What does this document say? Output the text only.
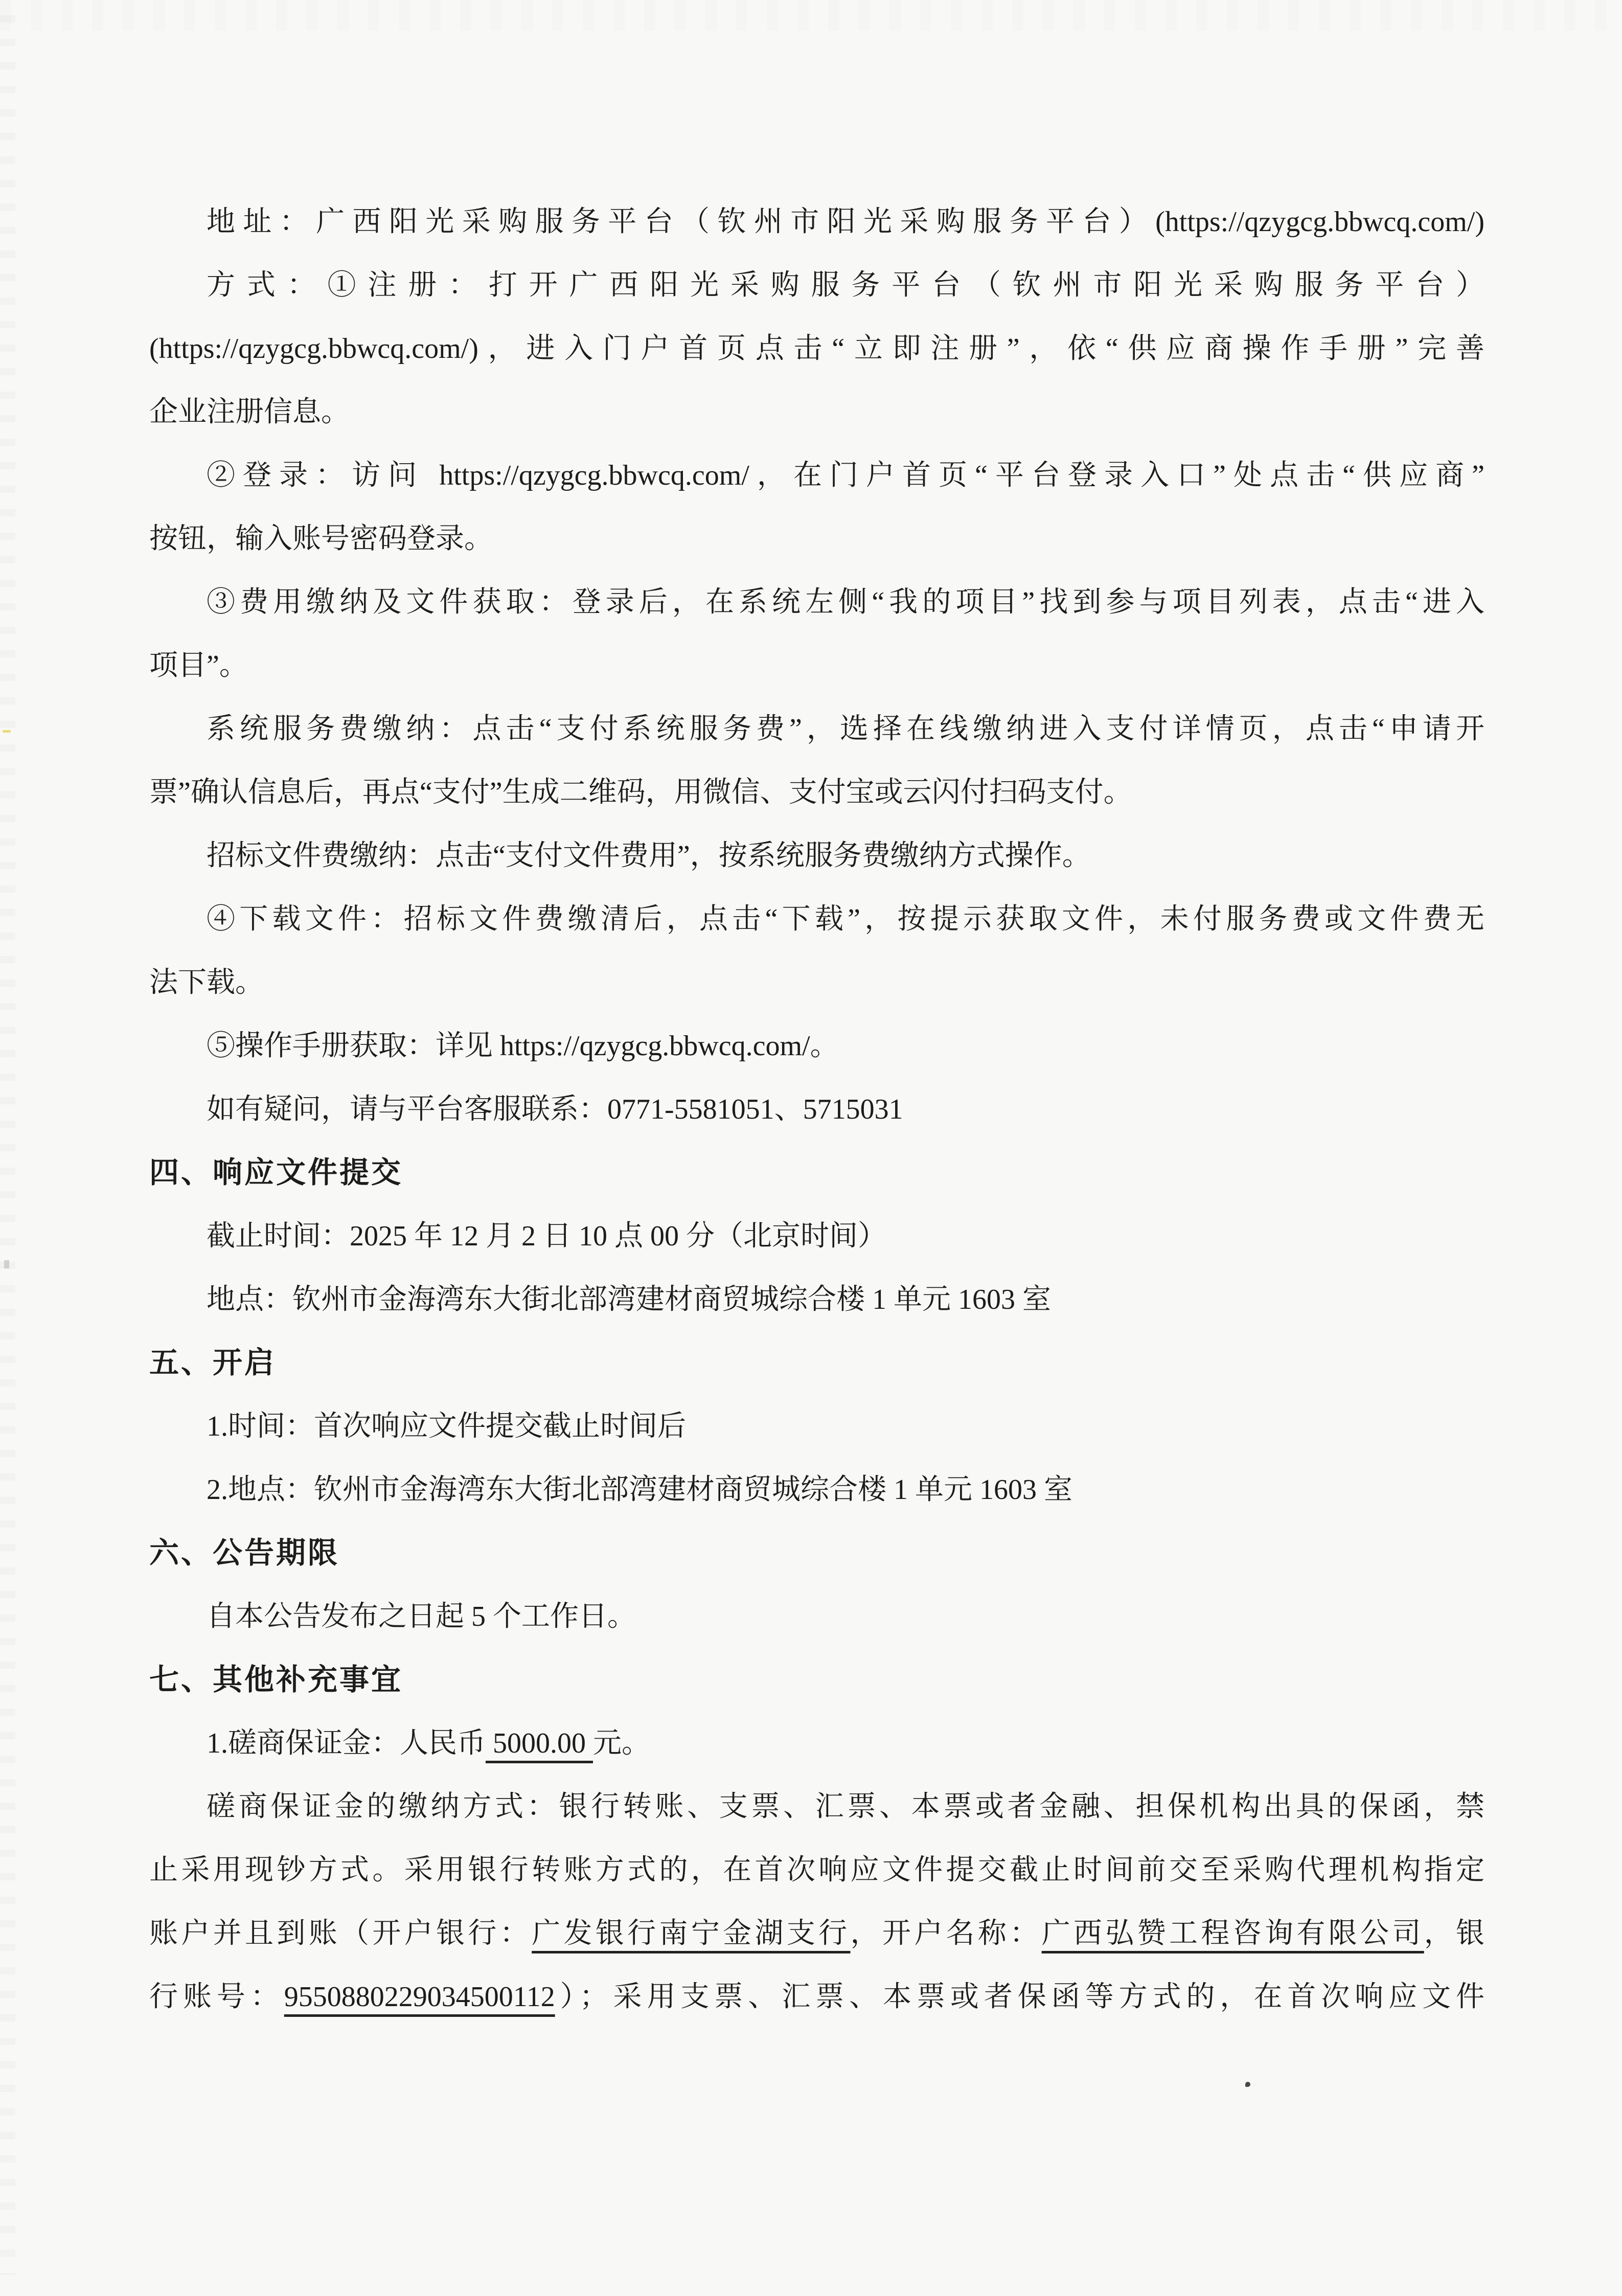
地址：广西阳光采购服务平台（钦州市阳光采购服务平台）(https://qzygcg.bbwcq.com/)
方式：①注册：打开广西阳光采购服务平台（钦州市阳光采购服务平台）
(https://qzygcg.bbwcq.com/)，进入门户首页点击“立即注册”，依“供应商操作手册”完善
企业注册信息。
②登录：访问 https://qzygcg.bbwcq.com/，在门户首页“平台登录入口”处点击“供应商”
按钮，输入账号密码登录。
③费用缴纳及文件获取：登录后，在系统左侧“我的项目”找到参与项目列表，点击“进入
项目”。
系统服务费缴纳：点击“支付系统服务费”，选择在线缴纳进入支付详情页，点击“申请开
票”确认信息后，再点“支付”生成二维码，用微信、支付宝或云闪付扫码支付。
招标文件费缴纳：点击“支付文件费用”，按系统服务费缴纳方式操作。
④下载文件：招标文件费缴清后，点击“下载”，按提示获取文件，未付服务费或文件费无
法下载。
⑤操作手册获取：详见 https://qzygcg.bbwcq.com/。
如有疑问，请与平台客服联系：0771-5581051、5715031
四、响应文件提交
截止时间：2025 年 12 月 2 日 10 点 00 分（北京时间）
地点：钦州市金海湾东大街北部湾建材商贸城综合楼 1 单元 1603 室
五、开启
1.时间：首次响应文件提交截止时间后
2.地点：钦州市金海湾东大街北部湾建材商贸城综合楼 1 单元 1603 室
六、公告期限
自本公告发布之日起 5 个工作日。
七、其他补充事宜
1.磋商保证金：人民币 5000.00 元。
磋商保证金的缴纳方式：银行转账、支票、汇票、本票或者金融、担保机构出具的保函，禁
止采用现钞方式。采用银行转账方式的，在首次响应文件提交截止时间前交至采购代理机构指定
账户并且到账（开户银行：广发银行南宁金湖支行，开户名称：广西弘赞工程咨询有限公司，银
行账号：9550880229034500112）；采用支票、汇票、本票或者保函等方式的，在首次响应文件
